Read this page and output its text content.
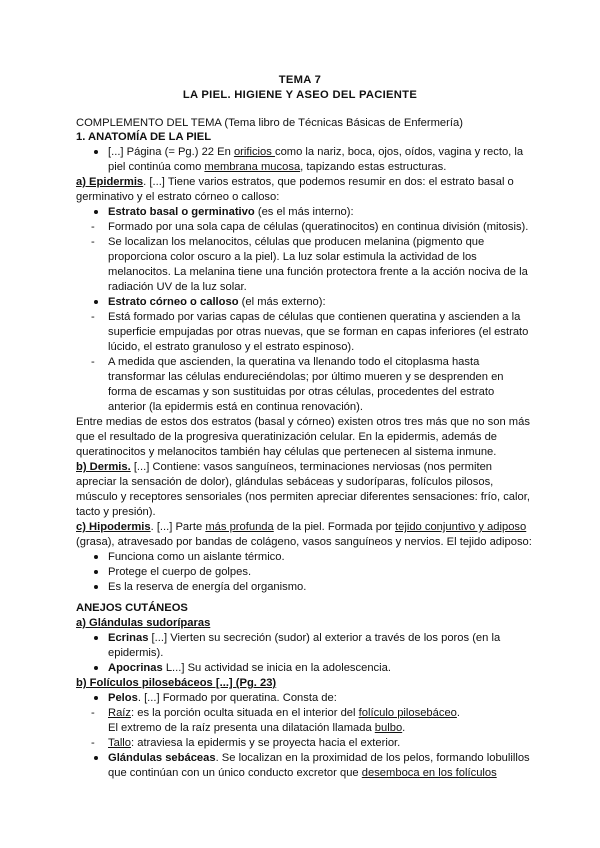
TEMA 7
LA PIEL. HIGIENE Y ASEO DEL PACIENTE
COMPLEMENTO DEL TEMA (Tema libro de Técnicas Básicas de Enfermería)
1. ANATOMÍA DE LA PIEL
[...] Página (= Pg.) 22 En orificios como la nariz, boca, ojos, oídos, vagina y recto, la
piel continúa como membrana mucosa, tapizando estas estructuras.
a) Epidermis. [...] Tiene varios estratos, que podemos resumir en dos: el estrato basal o
germinativo y el estrato córneo o calloso:
Estrato basal o germinativo (es el más interno):
- Formado por una sola capa de células (queratinocitos) en continua división (mitosis).
- Se localizan los melanocitos, células que producen melanina (pigmento que
proporciona color oscuro a la piel). La luz solar estimula la actividad de los
melanocitos. La melanina tiene una función protectora frente a la acción nociva de la
radiación UV de la luz solar.
Estrato córneo o calloso (el más externo):
- Está formado por varias capas de células que contienen queratina y ascienden a la
superficie empujadas por otras nuevas, que se forman en capas inferiores (el estrato
lúcido, el estrato granuloso y el estrato espinoso).
- A medida que ascienden, la queratina va llenando todo el citoplasma hasta
transformar las células endureciéndolas; por último mueren y se desprenden en
forma de escamas y son sustituidas por otras células, procedentes del estrato
anterior (la epidermis está en continua renovación).
Entre medias de estos dos estratos (basal y córneo) existen otros tres más que no son más
que el resultado de la progresiva queratinización celular. En la epidermis, además de
queratinocitos y melanocitos también hay células que pertenecen al sistema inmune.
b) Dermis. [...] Contiene: vasos sanguíneos, terminaciones nerviosas (nos permiten
apreciar la sensación de dolor), glándulas sebáceas y sudoríparas, folículos pilosos,
músculo y receptores sensoriales (nos permiten apreciar diferentes sensaciones: frío, calor,
tacto y presión).
c) Hipodermis. [...] Parte más profunda de la piel. Formada por tejido conjuntivo y adiposo
(grasa), atravesado por bandas de colágeno, vasos sanguíneos y nervios. El tejido adiposo:
Funciona como un aislante térmico.
Protege el cuerpo de golpes.
Es la reserva de energía del organismo.
ANEJOS CUTÁNEOS
a) Glándulas sudoríparas
Ecrinas [...] Vierten su secreción (sudor) al exterior a través de los poros (en la
epidermis).
Apocrinas L...] Su actividad se inicia en la adolescencia.
b) Folículos pilosebáceos [...] (Pg. 23)
Pelos. [...] Formado por queratina. Consta de:
- Raíz: es la porción oculta situada en el interior del folículo pilosebáceo.
El extremo de la raíz presenta una dilatación llamada bulbo.
- Tallo: atraviesa la epidermis y se proyecta hacia el exterior.
Glándulas sebáceas. Se localizan en la proximidad de los pelos, formando lobulillos
que continúan con un único conducto excretor que desemboca en los folículos
